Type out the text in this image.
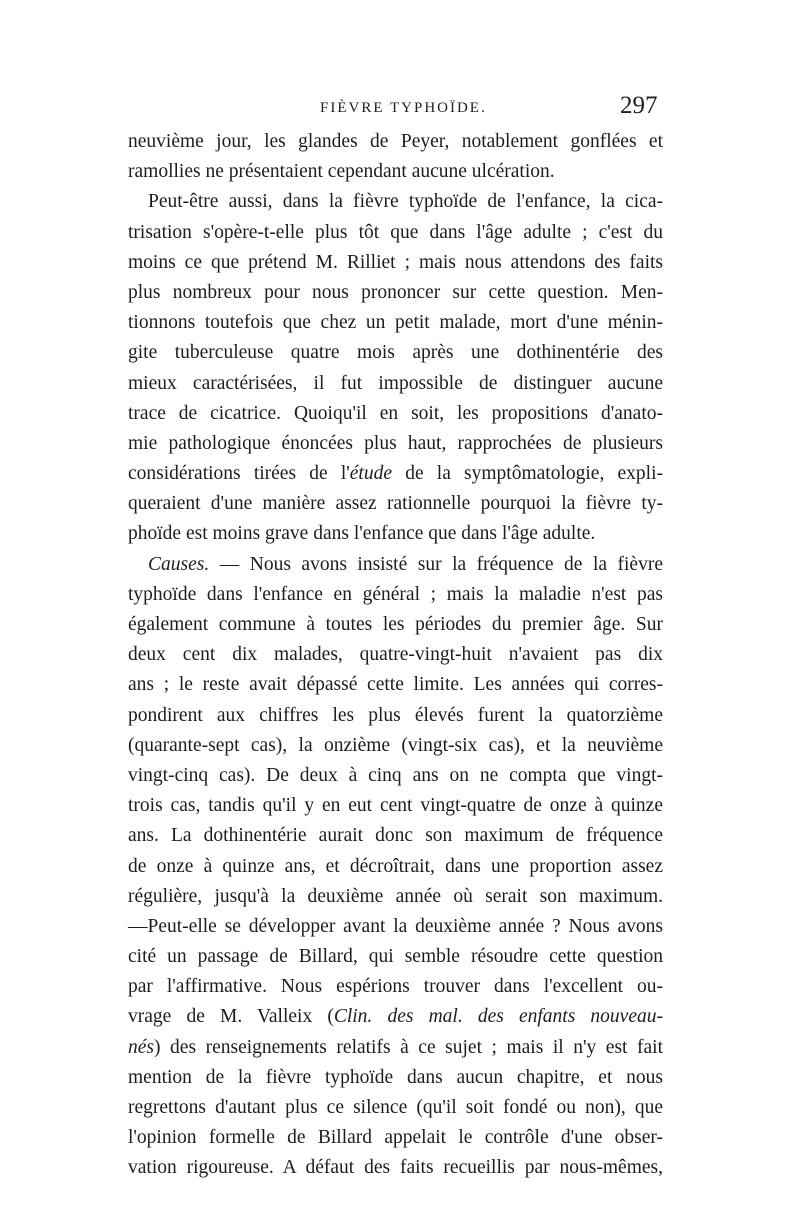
FIÈVRE TYPHOÏDE.	297
neuvième jour, les glandes de Peyer, notablement gonflées et
ramollies ne présentaient cependant aucune ulcération.
Peut-être aussi, dans la fièvre typhoïde de l'enfance, la cica-
trisation s'opère-t-elle plus tôt que dans l'âge adulte ; c'est du
moins ce que prétend M. Rilliet ; mais nous attendons des faits
plus nombreux pour nous prononcer sur cette question. Men-
tionnons toutefois que chez un petit malade, mort d'une ménin-
gite tuberculeuse quatre mois après une dothinentérie des
mieux caractérisées, il fut impossible de distinguer aucune
trace de cicatrice. Quoiqu'il en soit, les propositions d'anato-
mie pathologique énoncées plus haut, rapprochées de plusieurs
considérations tirées de l'étude de la symptômatologie, expli-
queraient d'une manière assez rationnelle pourquoi la fièvre ty-
phoïde est moins grave dans l'enfance que dans l'âge adulte.
Causes. — Nous avons insisté sur la fréquence de la fièvre
typhoïde dans l'enfance en général ; mais la maladie n'est pas
également commune à toutes les périodes du premier âge. Sur
deux cent dix malades, quatre-vingt-huit n'avaient pas dix
ans ; le reste avait dépassé cette limite. Les années qui corres-
pondirent aux chiffres les plus élevés furent la quatorzième
(quarante-sept cas), la onzième (vingt-six cas), et la neuvième
vingt-cinq cas). De deux à cinq ans on ne compta que vingt-
trois cas, tandis qu'il y en eut cent vingt-quatre de onze à quinze
ans. La dothinentérie aurait donc son maximum de fréquence
de onze à quinze ans, et décroîtrait, dans une proportion assez
régulière, jusqu'à la deuxième année où serait son maximum.
—Peut-elle se développer avant la deuxième année ? Nous avons
cité un passage de Billard, qui semble résoudre cette question
par l'affirmative. Nous espérions trouver dans l'excellent ou-
vrage de M. Valleix (Clin. des mal. des enfants nouveau-
nés) des renseignements relatifs à ce sujet ; mais il n'y est fait
mention de la fièvre typhoïde dans aucun chapitre, et nous
regrettons d'autant plus ce silence (qu'il soit fondé ou non), que
l'opinion formelle de Billard appelait le contrôle d'une obser-
vation rigoureuse. A défaut des faits recueillis par nous-mêmes,
